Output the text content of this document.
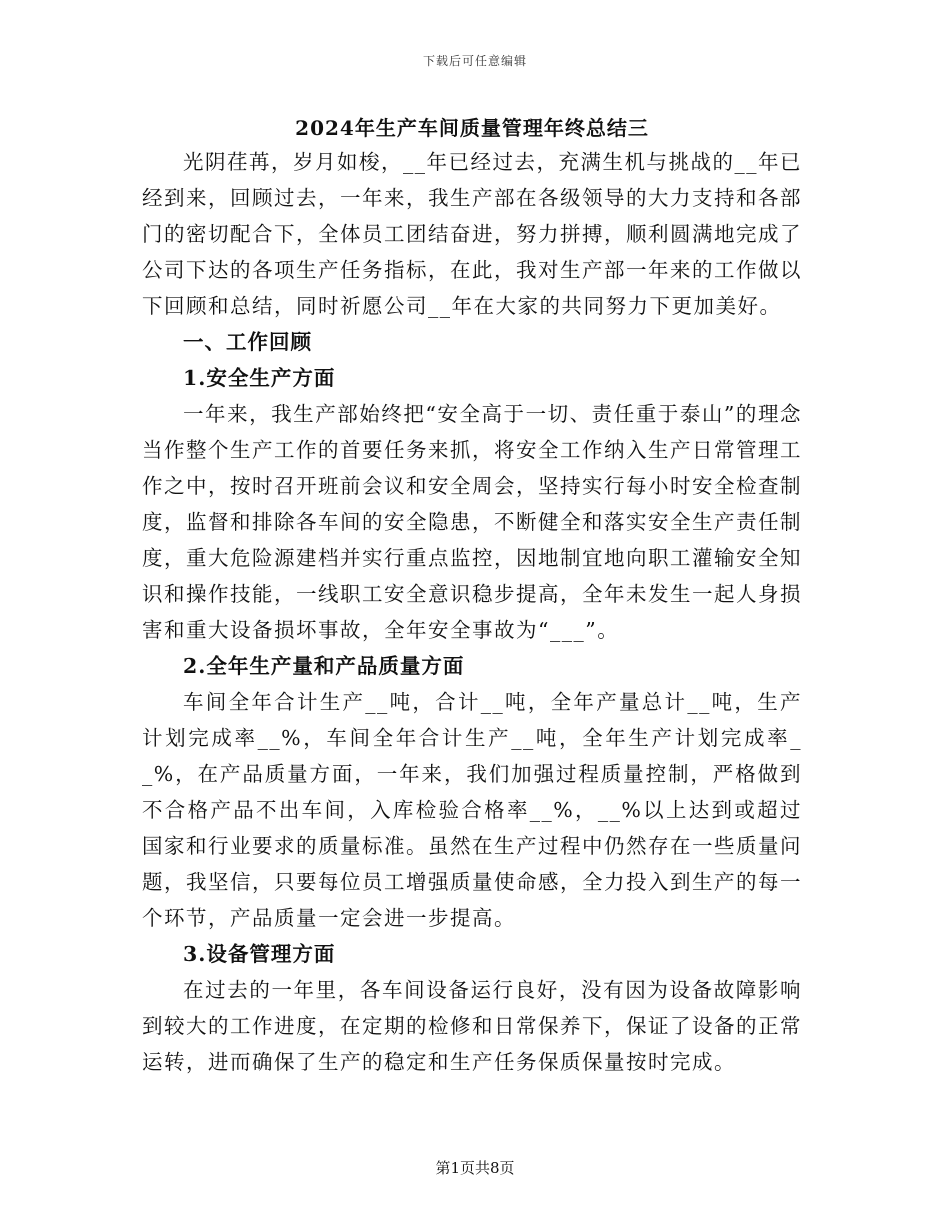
下载后可任意编辑
2024年生产车间质量管理年终总结三

光阴荏苒，岁月如梭，__年已经过去，充满生机与挑战的__年已经到来，回顾过去，一年来，我生产部在各级领导的大力支持和各部门的密切配合下，全体员工团结奋进，努力拼搏，顺利圆满地完成了公司下达的各项生产任务指标，在此，我对生产部一年来的工作做以下回顾和总结，同时祈愿公司__年在大家的共同努力下更加美好。

一、工作回顾

1.安全生产方面

一年来，我生产部始终把“安全高于一切、责任重于泰山”的理念当作整个生产工作的首要任务来抓，将安全工作纳入生产日常管理工作之中，按时召开班前会议和安全周会，坚持实行每小时安全检查制度，监督和排除各车间的安全隐患，不断健全和落实安全生产责任制度，重大危险源建档并实行重点监控，因地制宜地向职工灌输安全知识和操作技能，一线职工安全意识稳步提高，全年未发生一起人身损害和重大设备损坏事故，全年安全事故为“___”。

2.全年生产量和产品质量方面

车间全年合计生产__吨，合计__吨，全年产量总计__吨，生产计划完成率__%，车间全年合计生产__吨，全年生产计划完成率__%，在产品质量方面，一年来，我们加强过程质量控制，严格做到不合格产品不出车间，入库检验合格率__%，__%以上达到或超过国家和行业要求的质量标准。虽然在生产过程中仍然存在一些质量问题，我坚信，只要每位员工增强质量使命感，全力投入到生产的每一个环节，产品质量一定会进一步提高。

3.设备管理方面

在过去的一年里，各车间设备运行良好，没有因为设备故障影响到较大的工作进度，在定期的检修和日常保养下，保证了设备的正常运转，进而确保了生产的稳定和生产任务保质保量按时完成。

第1页共8页
